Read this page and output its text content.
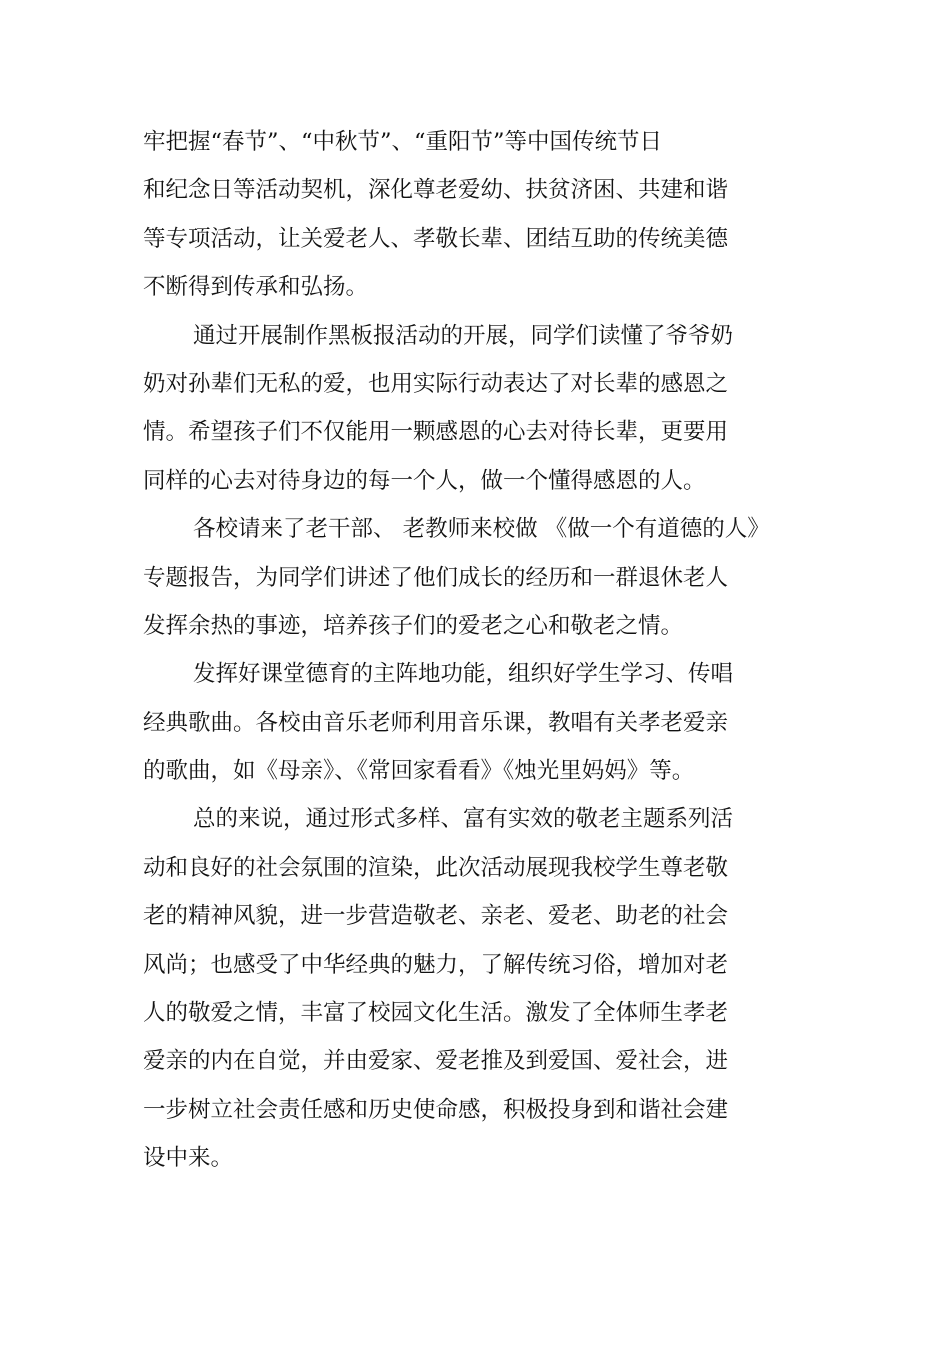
牢把握“春节”、“中秋节”、“重阳节”等中国传统节日
和纪念日等活动契机，深化尊老爱幼、扶贫济困、共建和谐
等专项活动，让关爱老人、孝敬长辈、团结互助的传统美德
不断得到传承和弘扬。
通过开展制作黑板报活动的开展，同学们读懂了爷爷奶
奶对孙辈们无私的爱，也用实际行动表达了对长辈的感恩之
情。希望孩子们不仅能用一颗感恩的心去对待长辈，更要用
同样的心去对待身边的每一个人，做一个懂得感恩的人。
各校请来了老干部、 老教师来校做 《做一个有道德的人》
专题报告，为同学们讲述了他们成长的经历和一群退休老人
发挥余热的事迹，培养孩子们的爱老之心和敬老之情。
发挥好课堂德育的主阵地功能，组织好学生学习、传唱
经典歌曲。各校由音乐老师利用音乐课，教唱有关孝老爱亲
的歌曲，如《母亲》、《常回家看看》《烛光里妈妈》等。
总的来说，通过形式多样、富有实效的敬老主题系列活
动和良好的社会氛围的渲染，此次活动展现我校学生尊老敬
老的精神风貌，进一步营造敬老、亲老、爱老、助老的社会
风尚；也感受了中华经典的魅力，了解传统习俗，增加对老
人的敬爱之情，丰富了校园文化生活。激发了全体师生孝老
爱亲的内在自觉，并由爱家、爱老推及到爱国、爱社会，进
一步树立社会责任感和历史使命感，积极投身到和谐社会建
设中来。
